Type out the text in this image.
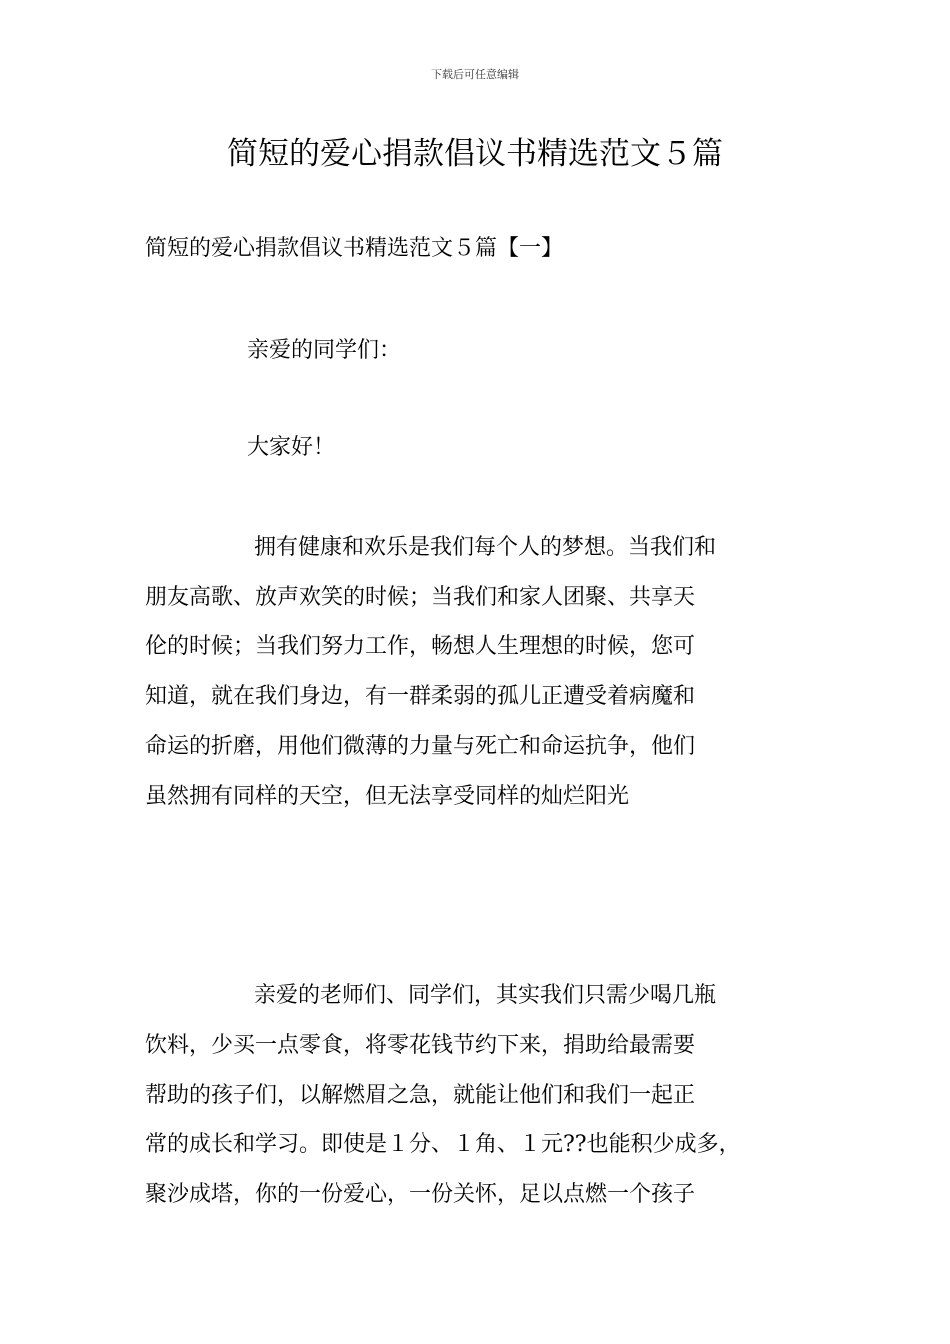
下载后可任意编辑
简短的爱心捐款倡议书精选范文５篇
简短的爱心捐款倡议书精选范文５篇【一】
亲爱的同学们：
大家好！
拥有健康和欢乐是我们每个人的梦想。当我们和
朋友高歌、放声欢笑的时候；当我们和家人团聚、共享天
伦的时候；当我们努力工作，畅想人生理想的时候，您可
知道，就在我们身边，有一群柔弱的孤儿正遭受着病魔和
命运的折磨，用他们微薄的力量与死亡和命运抗争，他们
虽然拥有同样的天空，但无法享受同样的灿烂阳光
亲爱的老师们、同学们，其实我们只需少喝几瓶
饮料，少买一点零食，将零花钱节约下来，捐助给最需要
帮助的孩子们，以解燃眉之急，就能让他们和我们一起正
常的成长和学习。即使是１分、１角、１元??也能积少成多，
聚沙成塔，你的一份爱心，一份关怀，足以点燃一个孩子
